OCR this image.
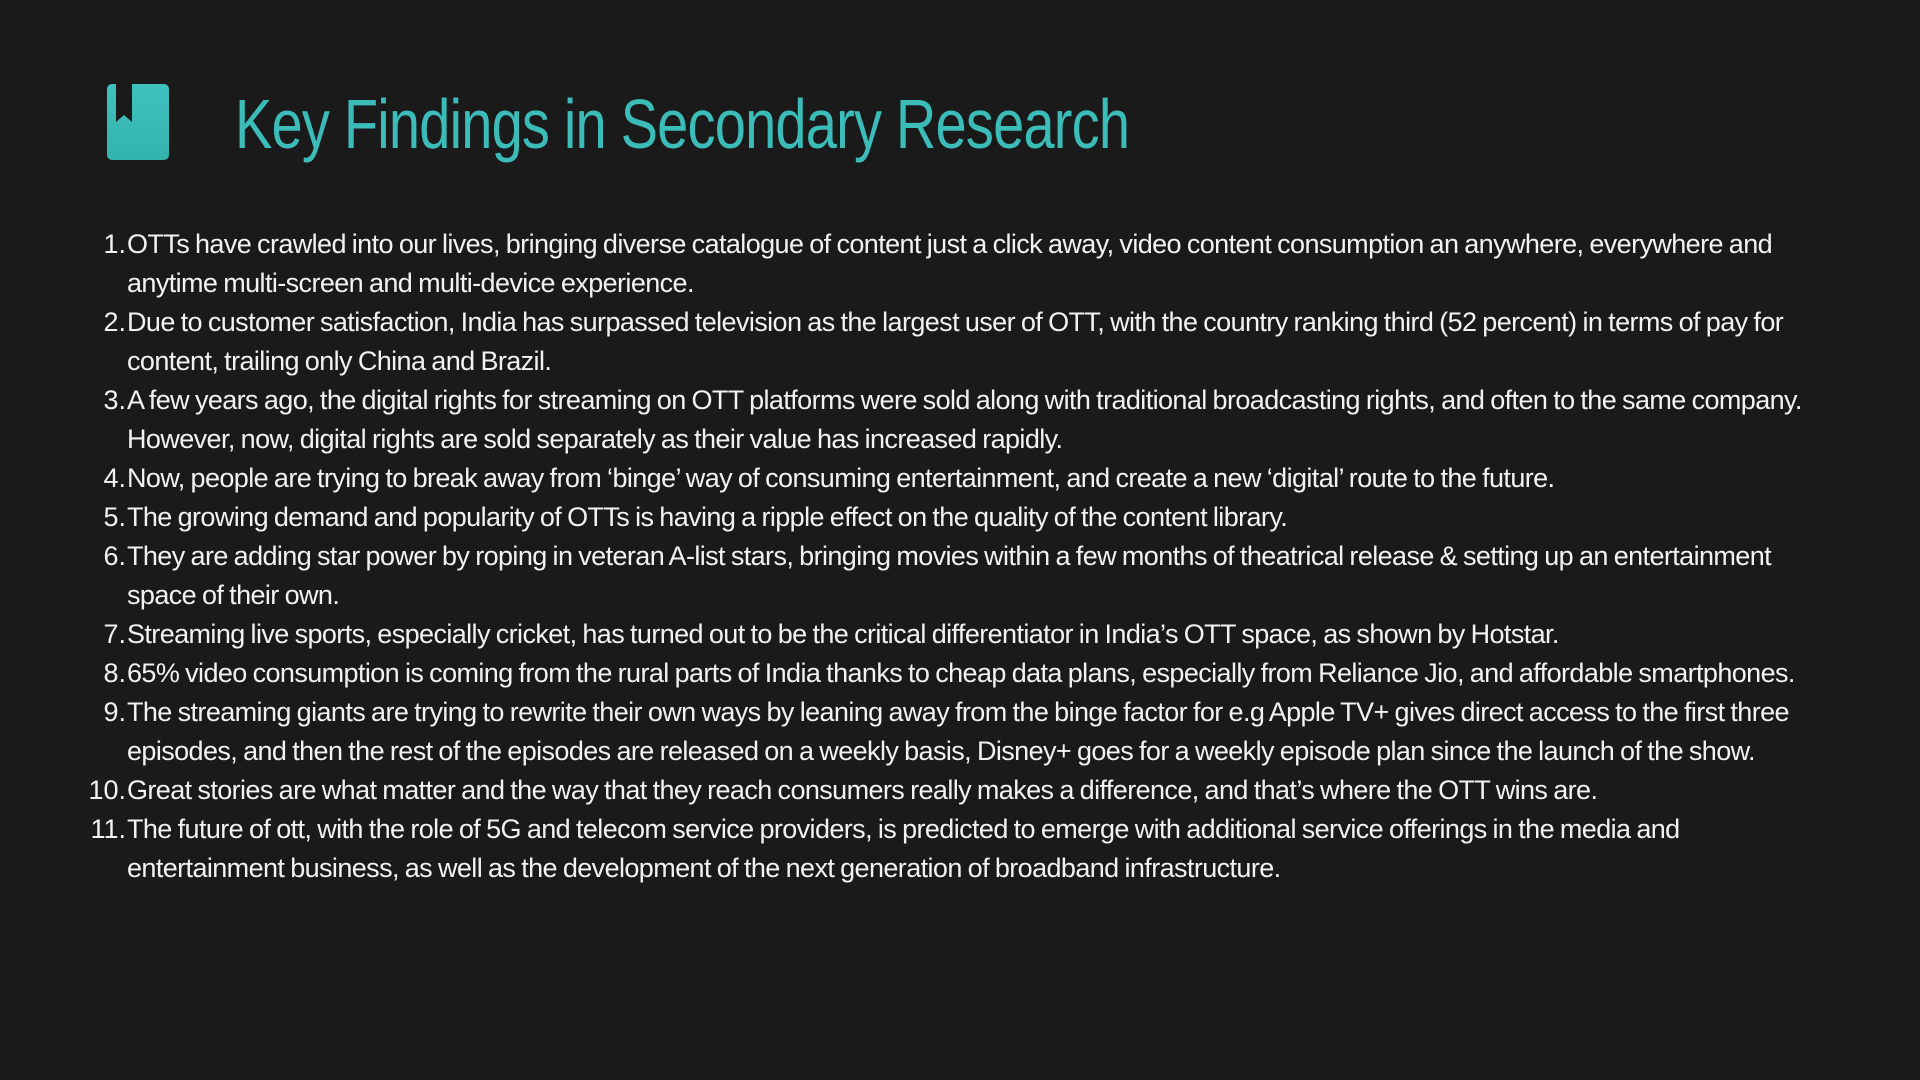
Key Findings in Secondary Research
1. OTTs have crawled into our lives, bringing diverse catalogue of content just a click away, video content consumption an anywhere, everywhere and anytime multi-screen and multi-device experience.
2. Due to customer satisfaction, India has surpassed television as the largest user of OTT, with the country ranking third (52 percent) in terms of pay for content, trailing only China and Brazil.
3. A few years ago, the digital rights for streaming on OTT platforms were sold along with traditional broadcasting rights, and often to the same company. However, now, digital rights are sold separately as their value has increased rapidly.
4. Now, people are trying to break away from ‘binge’ way of consuming entertainment, and create a new ‘digital’ route to the future.
5. The growing demand and popularity of OTTs is having a ripple effect on the quality of the content library.
6. They are adding star power by roping in veteran A-list stars, bringing movies within a few months of theatrical release & setting up an entertainment space of their own.
7. Streaming live sports, especially cricket, has turned out to be the critical differentiator in India’s OTT space, as shown by Hotstar.
8. 65% video consumption is coming from the rural parts of India thanks to cheap data plans, especially from Reliance Jio, and affordable smartphones.
9. The streaming giants are trying to rewrite their own ways by leaning away from the binge factor for e.g Apple TV+ gives direct access to the first three episodes, and then the rest of the episodes are released on a weekly basis, Disney+ goes for a weekly episode plan since the launch of the show.
10. Great stories are what matter and the way that they reach consumers really makes a difference, and that’s where the OTT wins are.
11. The future of ott, with the role of 5G and telecom service providers, is predicted to emerge with additional service offerings in the media and entertainment business, as well as the development of the next generation of broadband infrastructure.
